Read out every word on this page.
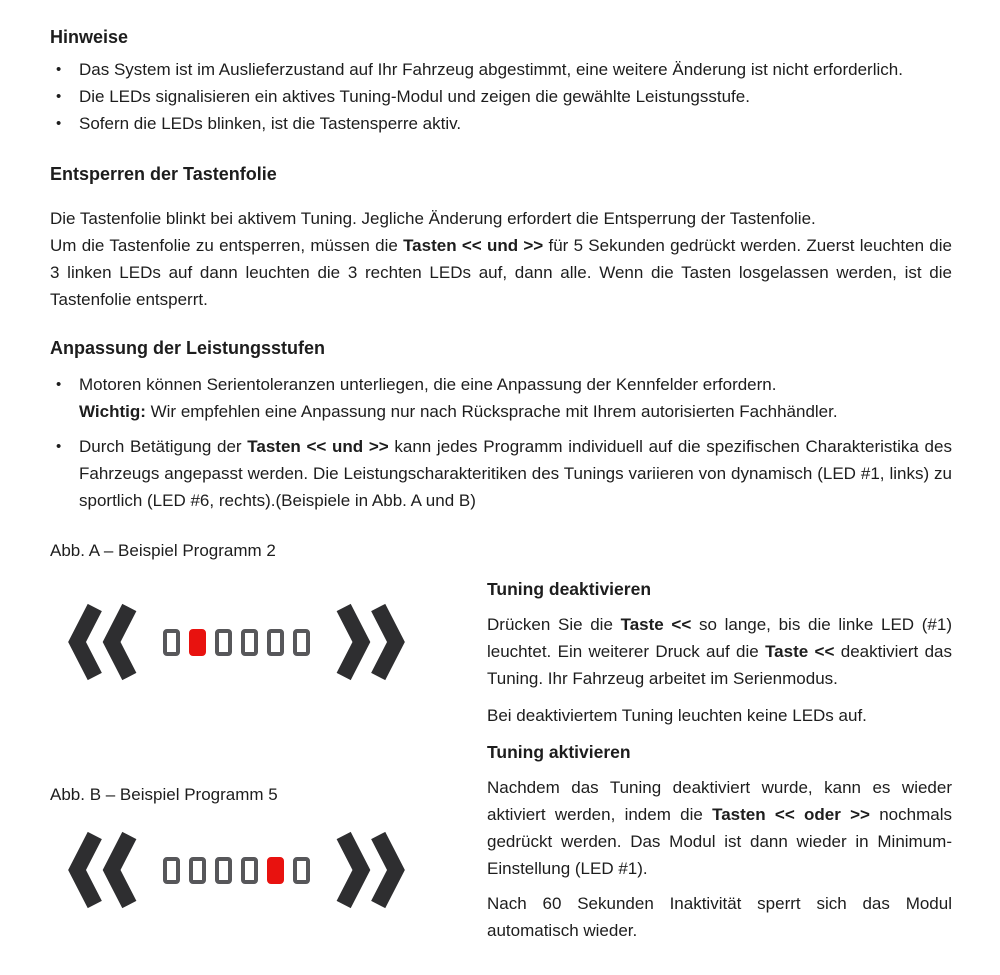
Hinweise
• Das System ist im Auslieferzustand auf Ihr Fahrzeug abgestimmt, eine weitere Änderung ist nicht erforderlich.
• Die LEDs signalisieren ein aktives Tuning-Modul und zeigen die gewählte Leistungsstufe.
• Sofern die LEDs blinken, ist die Tastensperre aktiv.
Entsperren der Tastenfolie

Die Tastenfolie blinkt bei aktivem Tuning. Jegliche Änderung erfordert die Entsperrung der Tastenfolie.
Um die Tastenfolie zu entsperren, müssen die Tasten << und >> für 5 Sekunden gedrückt werden. Zuerst leuchten die 3 linken LEDs auf dann leuchten die 3 rechten LEDs auf, dann alle. Wenn die Tasten losgelassen werden, ist die Tastenfolie entsperrt.

Anpassung der Leistungsstufen
• Motoren können Serientoleranzen unterliegen, die eine Anpassung der Kennfelder erfordern.
Wichtig: Wir empfehlen eine Anpassung nur nach Rücksprache mit Ihrem autorisierten Fachhändler.
• Durch Betätigung der Tasten << und >> kann jedes Programm individuell auf die spezifischen Charakteristika des Fahrzeugs angepasst werden. Die Leistungscharakteritiken des Tunings variieren von dynamisch (LED #1, links) zu sportlich (LED #6, rechts).(Beispiele in Abb. A und B)

Abb. A – Beispiel Programm 2

Abb. B – Beispiel Programm 5

Tuning deaktivieren

Drücken Sie die Taste << so lange, bis die linke LED (#1) leuchtet. Ein weiterer Druck auf die Taste << deaktiviert das Tuning. Ihr Fahrzeug arbeitet im Serienmodus.

Bei deaktiviertem Tuning leuchten keine LEDs auf.

Tuning aktivieren

Nachdem das Tuning deaktiviert wurde, kann es wieder aktiviert werden, indem die Tasten << oder >> nochmals gedrückt werden. Das Modul ist dann wieder in Minimum-Einstellung (LED #1).

Nach 60 Sekunden Inaktivität sperrt sich das Modul automatisch wieder.
